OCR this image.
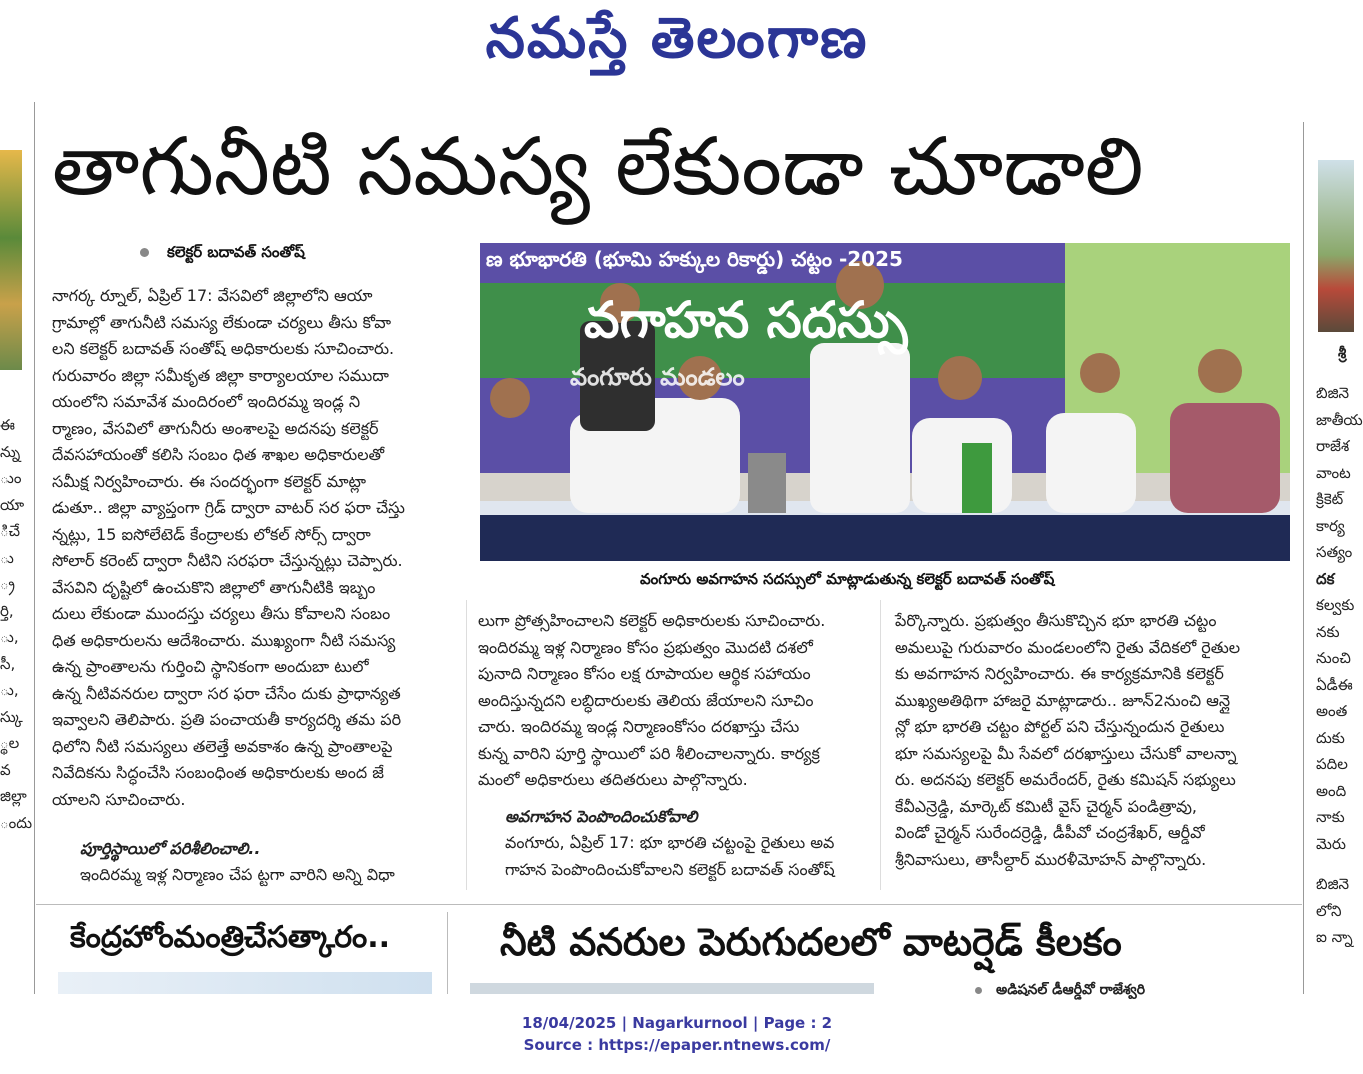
నమస్తే తెలంగాణ
ఈ
న్ను
ుం
యా
ిచే
ు
్ర
ర్తి,
ు,
సీ,
ు,
స్కు
్థల
వ
జిల్లా
ందు
శ్రీ
బిజినె
జాతీయ
రాజేశ
వాంట
క్రికెట్
కార్య
సత్యం
దక
కల్వకు
నకు
నుంచి
ఏడీఈ
అంత
దుకు
పదిల
అంది
నాకు
మెరు
బిజినె
లోని
ఐ న్నా
తాగునీటి సమస్య లేకుండా చూడాలి
కలెక్టర్ బదావత్ సంతోష్
నాగర్క ర్నూల్, ఏప్రిల్ 17: వేసవిలో జిల్లాలోని ఆయా
గ్రామాల్లో తాగునీటి సమస్య లేకుండా చర్యలు తీసు కోవా
లని కలెక్టర్ బదావత్ సంతోష్ అధికారులకు సూచించారు.
గురువారం జిల్లా సమీకృత జిల్లా కార్యాలయాల సముదా
యంలోని సమావేశ మందిరంలో ఇందిరమ్మ ఇండ్ల ని
ర్మాణం, వేసవిలో తాగునీరు అంశాలపై అదనపు కలెక్టర్
దేవసహాయంతో కలిసి సంబం ధిత శాఖల అధికారులతో
సమీక్ష నిర్వహించారు. ఈ సందర్భంగా కలెక్టర్ మాట్లా
డుతూ.. జిల్లా వ్యాప్తంగా గ్రిడ్ ద్వారా వాటర్ సర ఫరా చేస్తు
న్నట్లు, 15 ఐసోలేటెడ్ కేంద్రాలకు లోకల్ సోర్స్ ద్వారా
సోలార్ కరెంట్ ద్వారా నీటిని సరఫరా చేస్తున్నట్లు చెప్పారు.
వేసవిని దృష్టిలో ఉంచుకొని జిల్లాలో తాగునీటికి ఇబ్బం
దులు లేకుండా ముందస్తు చర్యలు తీసు కోవాలని సంబం
ధిత అధికారులను ఆదేశించారు. ముఖ్యంగా నీటి సమస్య
ఉన్న ప్రాంతాలను గుర్తించి స్థానికంగా అందుబా టులో
ఉన్న నీటివనరుల ద్వారా సర ఫరా చేసేం దుకు ప్రాధాన్యత
ఇవ్వాలని తెలిపారు. ప్రతి పంచాయతీ కార్యదర్శి తమ పరి
ధిలోని నీటి సమస్యలు తలెత్తే అవకాశం ఉన్న ప్రాంతాలపై
నివేదికను సిద్ధంచేసి సంబంధింత అధికారులకు అంద జే
యాలని సూచించారు.
పూర్తిస్థాయిలో పరిశీలించాలి..
ఇందిరమ్మ ఇళ్ల నిర్మాణం చేప ట్టగా వారిని అన్ని విధా
ణ భూభారతి (భూమి హక్కుల రికార్డు) చట్టం -2025
వగాహన సదస్సు
వంగూరు మండలం
వంగూరు అవగాహన సదస్సులో మాట్లాడుతున్న కలెక్టర్ బదావత్ సంతోష్
లుగా ప్రోత్సహించాలని కలెక్టర్ అధికారులకు సూచించారు.
ఇందిరమ్మ ఇళ్ల నిర్మాణం కోసం ప్రభుత్వం మొదటి దశలో
పునాది నిర్మాణం కోసం లక్ష రూపాయల ఆర్థిక సహాయం
అందిస్తున్నదని లబ్ధిదారులకు తెలియ జేయాలని సూచిం
చారు. ఇందిరమ్మ ఇండ్ల నిర్మాణంకోసం దరఖాస్తు చేసు
కున్న వారిని పూర్తి స్థాయిలో పరి శీలించాలన్నారు. కార్యక్ర
మంలో అధికారులు తదితరులు పాల్గొన్నారు.
అవగాహన పెంపొందించుకోవాలి
వంగూరు, ఏప్రిల్ 17: భూ భారతి చట్టంపై రైతులు అవ
గాహన పెంపొందించుకోవాలని కలెక్టర్ బదావత్ సంతోష్
పేర్కొన్నారు. ప్రభుత్వం తీసుకొచ్చిన భూ భారతి చట్టం
అమలుపై గురువారం మండలంలోని రైతు వేదికలో రైతుల
కు అవగాహన నిర్వహించారు. ఈ కార్యక్రమానికి కలెక్టర్
ముఖ్యఅతిథిగా హాజరై మాట్లాడారు.. జూన్2నుంచి ఆన్లై
న్లో భూ భారతి చట్టం పోర్టల్ పని చేస్తున్నందున రైతులు
భూ సమస్యలపై మీ సేవలో దరఖాస్తులు చేసుకో వాలన్నా
రు. అదనపు కలెక్టర్ అమరేందర్, రైతు కమిషన్ సభ్యులు
కేవీఎన్రెడ్డి, మార్కెట్ కమిటీ వైస్ చైర్మన్ పండిత్రావు,
విండో చైర్మన్ సురేందర్రెడ్డి, డీపీవో చంద్రశేఖర్, ఆర్డీవో
శ్రీనివాసులు, తాసీల్దార్ మురళీమోహన్ పాల్గొన్నారు.
కేంద్రహోంమంత్రిచేసత్కారం..	నీటి వనరుల పెరుగుదలలో వాటర్షెడ్ కీలకం
అడిషనల్ డీఆర్డీవో రాజేశ్వరి
18/04/2025 | Nagarkurnool | Page : 2
Source : https://epaper.ntnews.com/
